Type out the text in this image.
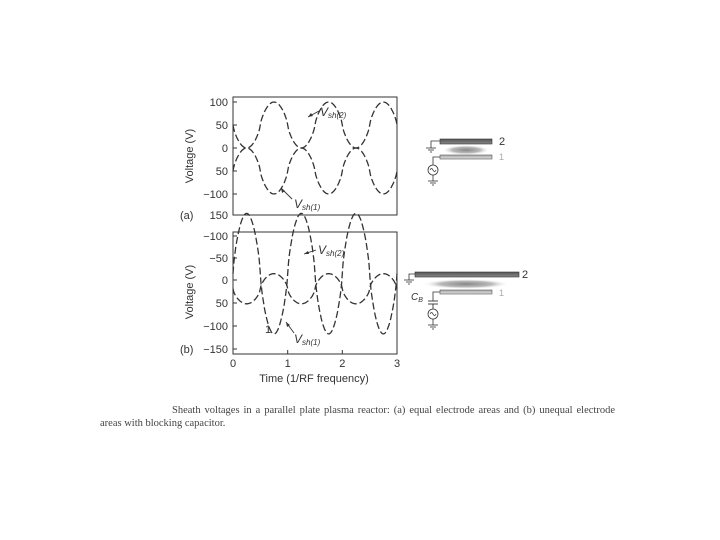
100
50
0
50
−100
150
Voltage (V)
(a)
Vsh(2)
Vsh(1)
−100
−50
0
50
−100
−150
0	1	2	3
Time (1/RF frequency)
Voltage (V)
(b)
Vsh(2)
Vsh(1)
1
2
1
$C_B$
2
1
Sheath voltages in a parallel plate plasma reactor: (a) equal electrode areas and (b) unequal electrode areas with blocking capacitor.
